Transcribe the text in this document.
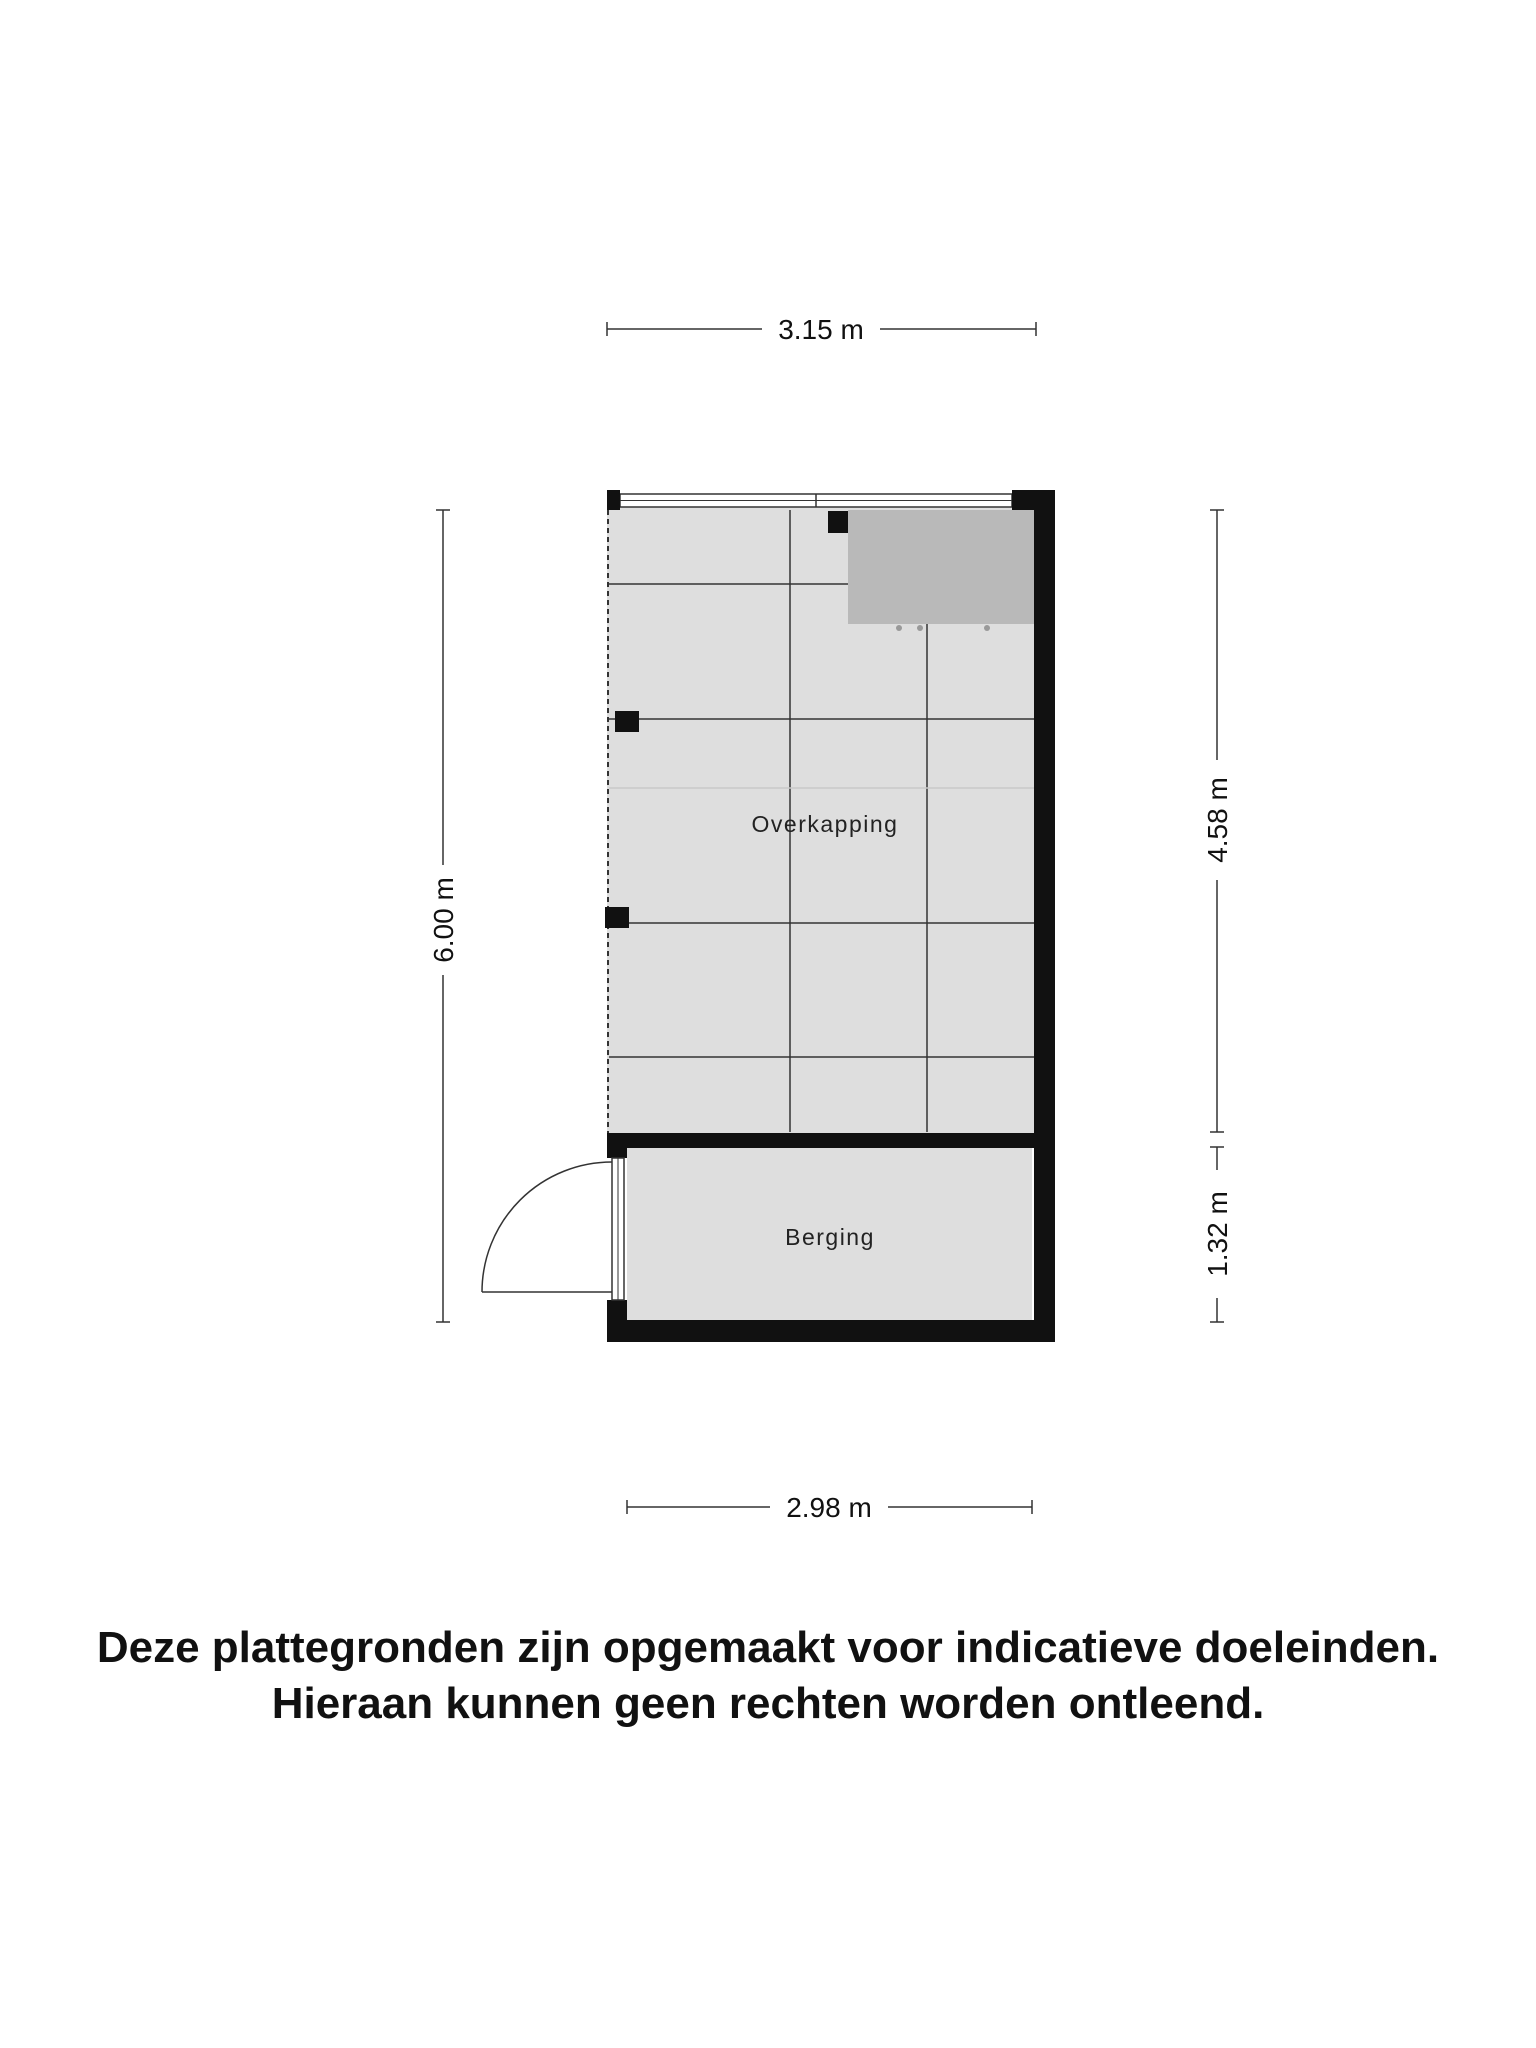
Overkapping
Berging
3.15 m
2.98 m
6.00 m
4.58 m
1.32 m
Deze plattegronden zijn opgemaakt voor indicatieve doeleinden.
Hieraan kunnen geen rechten worden ontleend.
